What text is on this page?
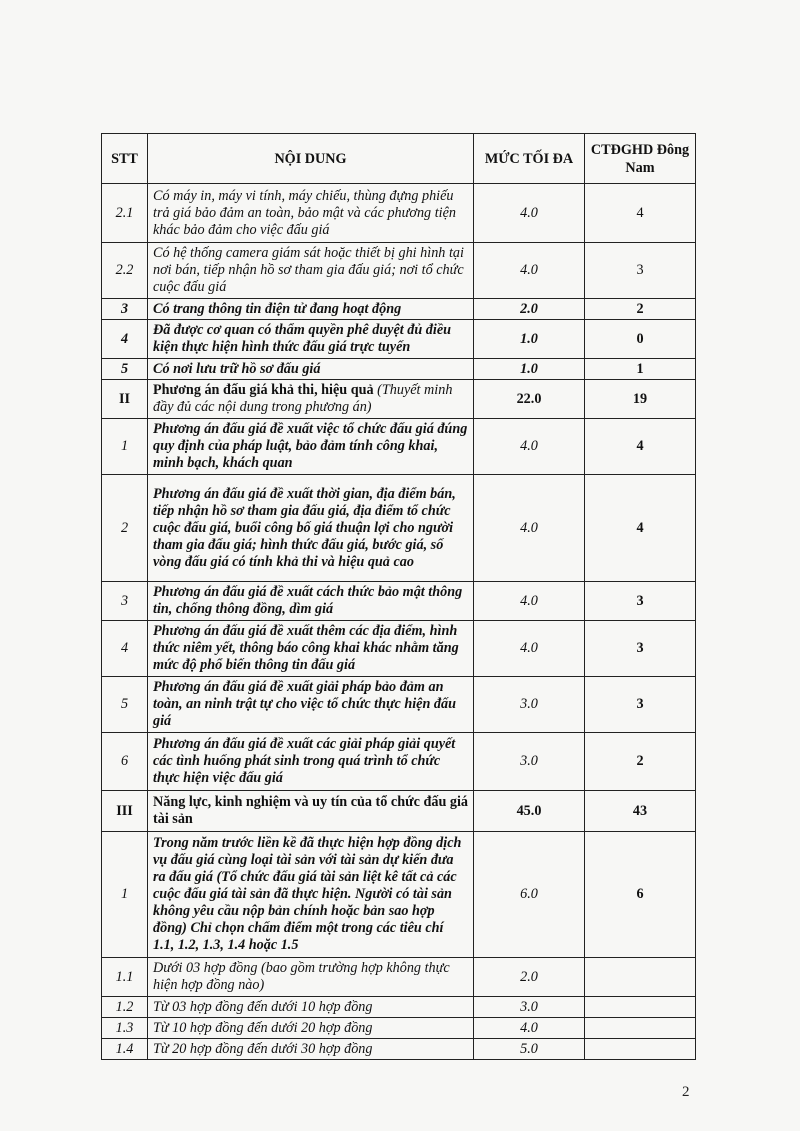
STT	NỘI DUNG	MỨC TỐI ĐA	CTĐGHD Đông Nam
2.1	Có máy in, máy vi tính, máy chiếu, thùng đựng phiếu trả giá bảo đảm an toàn, bảo mật và các phương tiện khác bảo đảm cho việc đấu giá	4.0	4
2.2	Có hệ thống camera giám sát hoặc thiết bị ghi hình tại nơi bán, tiếp nhận hồ sơ tham gia đấu giá; nơi tổ chức cuộc đấu giá	4.0	3
3	Có trang thông tin điện tử đang hoạt động	2.0	2
4	Đã được cơ quan có thẩm quyền phê duyệt đủ điều kiện thực hiện hình thức đấu giá trực tuyến	1.0	0
5	Có nơi lưu trữ hồ sơ đấu giá	1.0	1
II	Phương án đấu giá khả thi, hiệu quả (Thuyết minh đầy đủ các nội dung trong phương án)	22.0	19
1	Phương án đấu giá đề xuất việc tổ chức đấu giá đúng quy định của pháp luật, bảo đảm tính công khai, minh bạch, khách quan	4.0	4
2	Phương án đấu giá đề xuất thời gian, địa điểm bán, tiếp nhận hồ sơ tham gia đấu giá, địa điểm tổ chức cuộc đấu giá, buổi công bố giá thuận lợi cho người tham gia đấu giá; hình thức đấu giá, bước giá, số vòng đấu giá có tính khả thi và hiệu quả cao	4.0	4
3	Phương án đấu giá đề xuất cách thức bảo mật thông tin, chống thông đồng, dìm giá	4.0	3
4	Phương án đấu giá đề xuất thêm các địa điểm, hình thức niêm yết, thông báo công khai khác nhằm tăng mức độ phổ biến thông tin đấu giá	4.0	3
5	Phương án đấu giá đề xuất giải pháp bảo đảm an toàn, an ninh trật tự cho việc tổ chức thực hiện đấu giá	3.0	3
6	Phương án đấu giá đề xuất các giải pháp giải quyết các tình huống phát sinh trong quá trình tổ chức thực hiện việc đấu giá	3.0	2
III	Năng lực, kinh nghiệm và uy tín của tổ chức đấu giá tài sản	45.0	43
1	Trong năm trước liền kề đã thực hiện hợp đồng dịch vụ đấu giá cùng loại tài sản với tài sản dự kiến đưa ra đấu giá (Tổ chức đấu giá tài sản liệt kê tất cả các cuộc đấu giá tài sản đã thực hiện. Người có tài sản không yêu cầu nộp bản chính hoặc bản sao hợp đồng) Chỉ chọn chấm điểm một trong các tiêu chí 1.1, 1.2, 1.3, 1.4 hoặc 1.5	6.0	6
1.1	Dưới 03 hợp đồng (bao gồm trường hợp không thực hiện hợp đồng nào)	2.0	
1.2	Từ 03 hợp đồng đến dưới 10 hợp đồng	3.0	
1.3	Từ 10 hợp đồng đến dưới 20 hợp đồng	4.0	
1.4	Từ 20 hợp đồng đến dưới 30 hợp đồng	5.0	
2
